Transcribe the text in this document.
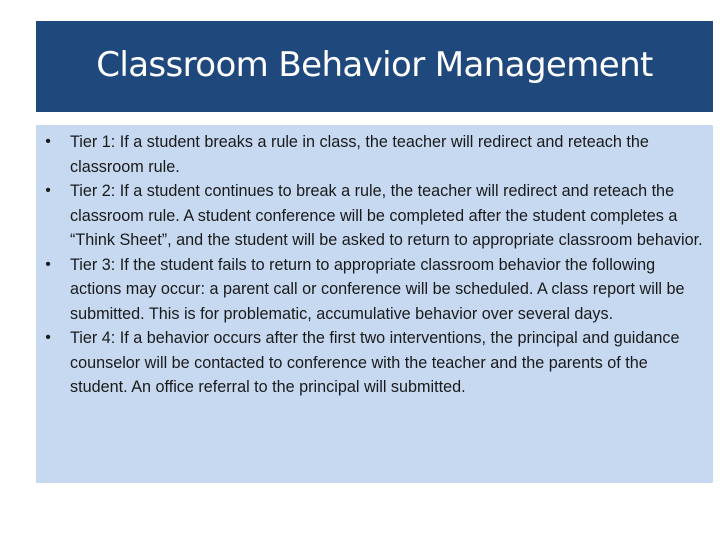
Classroom Behavior Management
• Tier 1: If a student breaks a rule in class, the teacher will redirect and reteach the classroom rule.
• Tier 2: If a student continues to break a rule, the teacher will redirect and reteach the classroom rule. A student conference will be completed after the student completes a “Think Sheet”, and the student will be asked to return to appropriate classroom behavior.
• Tier 3: If the student fails to return to appropriate classroom behavior the following actions may occur: a parent call or conference will be scheduled. A class report will be submitted. This is for problematic, accumulative behavior over several days.
• Tier 4: If a behavior occurs after the first two interventions, the principal and guidance counselor will be contacted to conference with the teacher and the parents of the student. An office referral to the principal will submitted.
